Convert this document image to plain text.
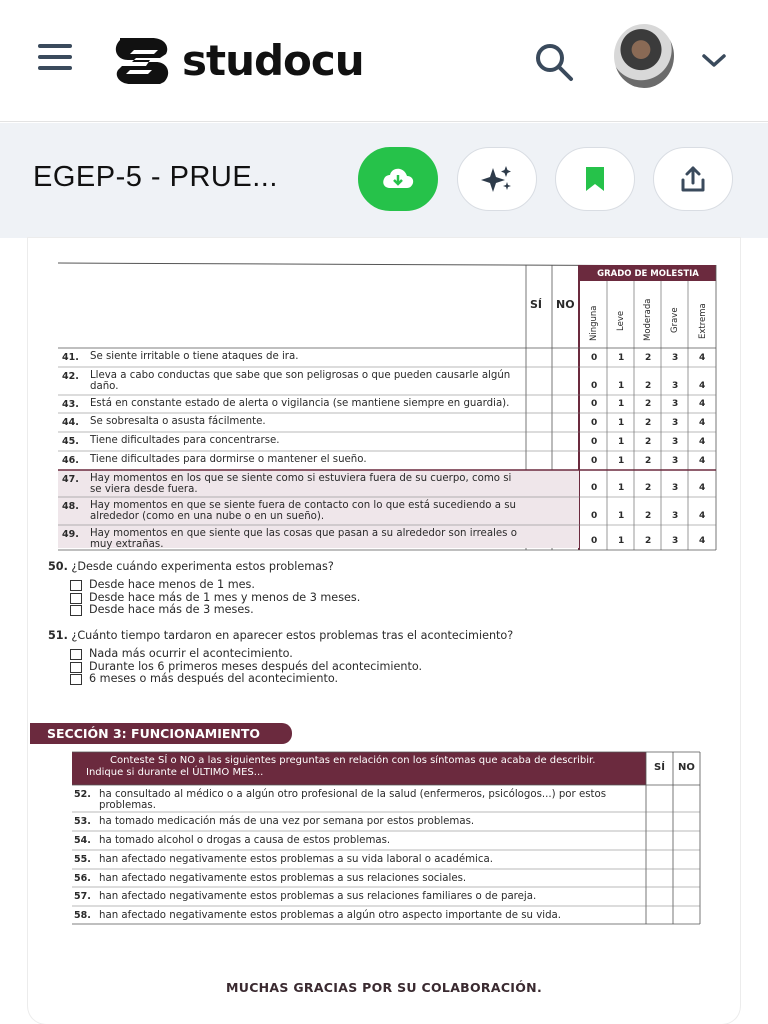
studocu
EGEP-5 - PRUE...
GRADO DE MOLESTIA
SÍ NO
Ninguna Leve Moderada Grave Extrema
41. Se siente irritable o tiene ataques de ira.	0 1 2 3 4
42. Lleva a cabo conductas que sabe que son peligrosas o que pueden causarle algún daño.	0 1 2 3 4
43. Está en constante estado de alerta o vigilancia (se mantiene siempre en guardia).	0 1 2 3 4
44. Se sobresalta o asusta fácilmente.	0 1 2 3 4
45. Tiene dificultades para concentrarse.	0 1 2 3 4
46. Tiene dificultades para dormirse o mantener el sueño.	0 1 2 3 4
47. Hay momentos en los que se siente como si estuviera fuera de su cuerpo, como si se viera desde fuera.	0 1 2 3 4
48. Hay momentos en que se siente fuera de contacto con lo que está sucediendo a su alrededor (como en una nube o en un sueño).	0 1 2 3 4
49. Hay momentos en que siente que las cosas que pasan a su alrededor son irreales o muy extrañas.	0 1 2 3 4
50. ¿Desde cuándo experimenta estos problemas?
Desde hace menos de 1 mes.
Desde hace más de 1 mes y menos de 3 meses.
Desde hace más de 3 meses.
51. ¿Cuánto tiempo tardaron en aparecer estos problemas tras el acontecimiento?
Nada más ocurrir el acontecimiento.
Durante los 6 primeros meses después del acontecimiento.
6 meses o más después del acontecimiento.
SECCIÓN 3: FUNCIONAMIENTO
Conteste SÍ o NO a las siguientes preguntas en relación con los síntomas que acaba de describir.
Indique si durante el ÚLTIMO MES...	SÍ NO
52. ha consultado al médico o a algún otro profesional de la salud (enfermeros, psicólogos...) por estos problemas.
53. ha tomado medicación más de una vez por semana por estos problemas.
54. ha tomado alcohol o drogas a causa de estos problemas.
55. han afectado negativamente estos problemas a su vida laboral o académica.
56. han afectado negativamente estos problemas a sus relaciones sociales.
57. han afectado negativamente estos problemas a sus relaciones familiares o de pareja.
58. han afectado negativamente estos problemas a algún otro aspecto importante de su vida.
MUCHAS GRACIAS POR SU COLABORACIÓN.
